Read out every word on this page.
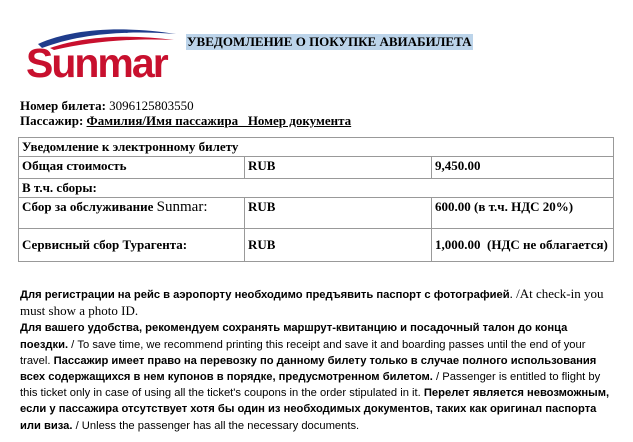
Sunmar УВЕДОМЛЕНИЕ О ПОКУПКЕ АВИАБИЛЕТА
Номер билета: 3096125803550
Пассажир: Фамилия/Имя пассажира   Номер документа
Уведомление к электронному билету		
Общая стоимость	RUB	9,450.00
В т.ч. сборы:		
Сбор за обслуживание Sunmar:	RUB	600.00 (в т.ч. НДС 20%)
Сервисный сбор Турагента:	RUB	1,000.00  (НДС не облагается)
Для регистрации на рейс в аэропорту необходимо предъявить паспорт с фотографией. /At check-in you must show a photo ID.
Для вашего удобства, рекомендуем сохранять маршрут-квитанцию и посадочный талон до конца поездки. / To save time, we recommend printing this receipt and save it and boarding passes until the end of your travel. Пассажир имеет право на перевозку по данному билету только в случае полного использования всех содержащихся в нем купонов в порядке, предусмотренном билетом. / Passenger is entitled to flight by this ticket only in case of using all the ticket's coupons in the order stipulated in it. Перелет является невозможным, если у пассажира отсутствует хотя бы один из необходимых документов, таких как оригинал паспорта или виза. / Unless the passenger has all the necessary documents.
